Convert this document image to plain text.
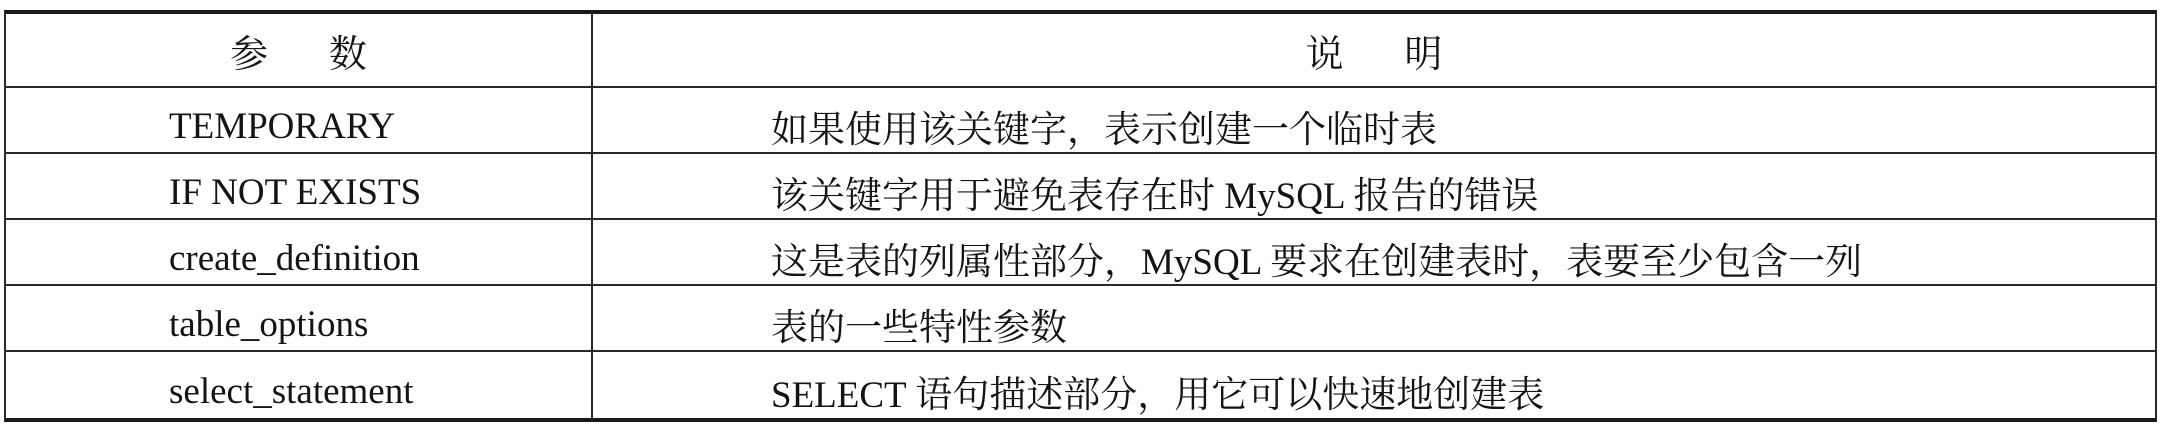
参数	说明
TEMPORARY	如果使用该关键字，表示创建一个临时表
IF NOT EXISTS	该关键字用于避免表存在时 MySQL 报告的错误
create_definition	这是表的列属性部分，MySQL 要求在创建表时，表要至少包含一列
table_options	表的一些特性参数
select_statement	SELECT 语句描述部分，用它可以快速地创建表
